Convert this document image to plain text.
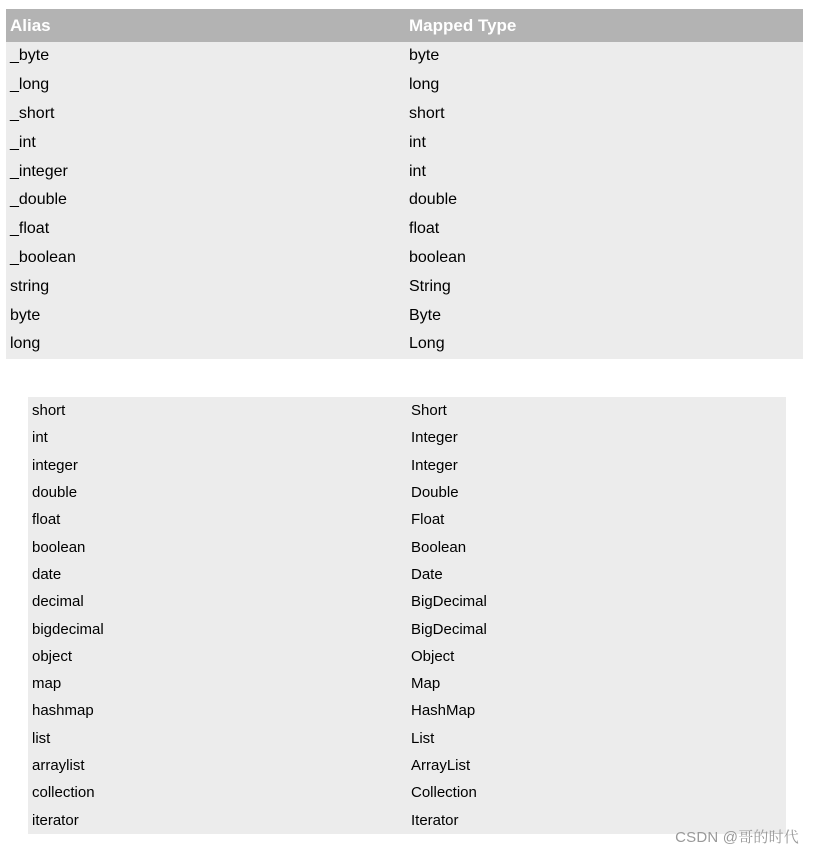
Alias	Mapped Type
_byte	byte
_long	long
_short	short
_int	int
_integer	int
_double	double
_float	float
_boolean	boolean
string	String
byte	Byte
long	Long
short	Short
int	Integer
integer	Integer
double	Double
float	Float
boolean	Boolean
date	Date
decimal	BigDecimal
bigdecimal	BigDecimal
object	Object
map	Map
hashmap	HashMap
list	List
arraylist	ArrayList
collection	Collection
iterator	Iterator
CSDN @哥的时代
